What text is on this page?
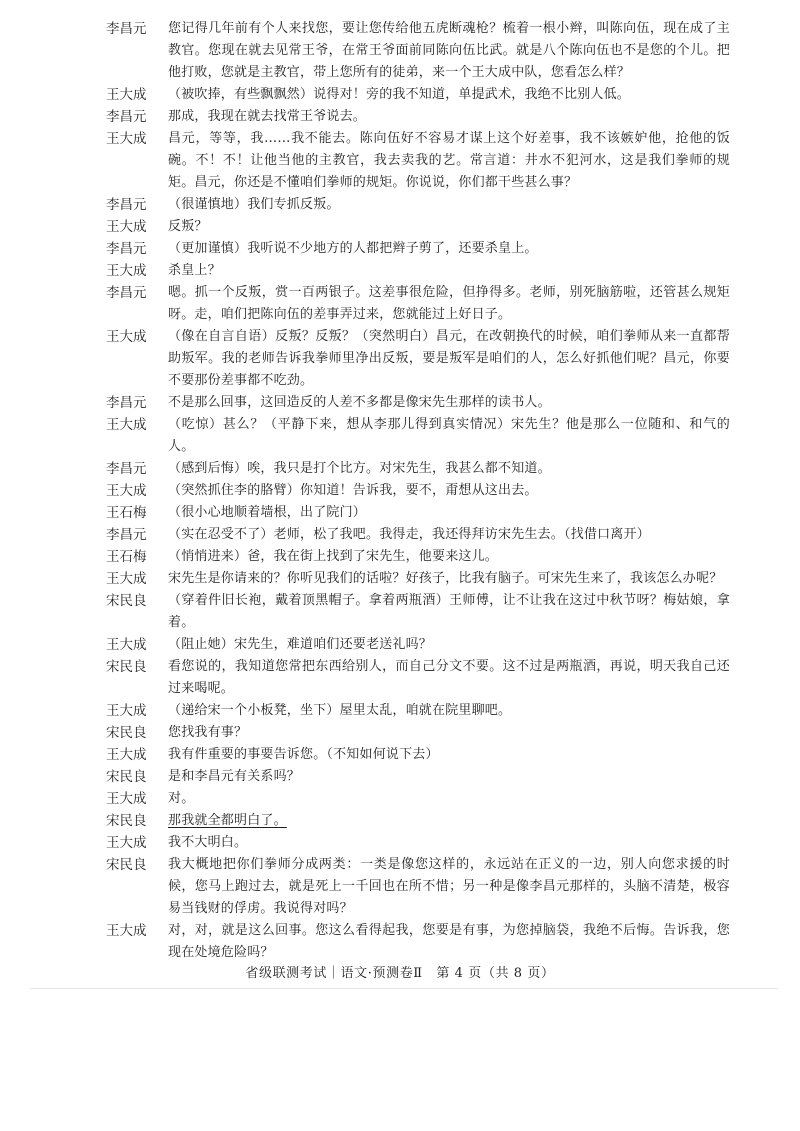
李昌元	您记得几年前有个人来找您，要让您传给他五虎断魂枪？梳着一根小辫，叫陈向伍，现在成了主教官。您现在就去见常王爷，在常王爷面前同陈向伍比武。就是八个陈向伍也不是您的个儿。把他打败，您就是主教官，带上您所有的徒弟，来一个王大成中队，您看怎么样？
王大成	（被吹捧，有些飘飘然）说得对！旁的我不知道，单提武术，我绝不比别人低。
李昌元	那成，我现在就去找常王爷说去。
王大成	昌元，等等，我……我不能去。陈向伍好不容易才谋上这个好差事，我不该嫉妒他，抢他的饭碗。不！不！让他当他的主教官，我去卖我的艺。常言道：井水不犯河水，这是我们拳师的规矩。昌元，你还是不懂咱们拳师的规矩。你说说，你们都干些甚么事？
李昌元	（很谨慎地）我们专抓反叛。
王大成	反叛？
李昌元	（更加谨慎）我听说不少地方的人都把辫子剪了，还要杀皇上。
王大成	杀皇上？
李昌元	嗯。抓一个反叛，赏一百两银子。这差事很危险，但挣得多。老师，别死脑筋啦，还管甚么规矩呀。走，咱们把陈向伍的差事弄过来，您就能过上好日子。
王大成	（像在自言自语）反叛？反叛？（突然明白）昌元，在改朝换代的时候，咱们拳师从来一直都帮助叛军。我的老师告诉我拳师里净出反叛，要是叛军是咱们的人，怎么好抓他们呢？昌元，你要不要那份差事都不吃劲。
李昌元	不是那么回事，这回造反的人差不多都是像宋先生那样的读书人。
王大成	（吃惊）甚么？（平静下来，想从李那儿得到真实情况）宋先生？他是那么一位随和、和气的人。
李昌元	（感到后悔）唉，我只是打个比方。对宋先生，我甚么都不知道。
王大成	（突然抓住李的胳臂）你知道！告诉我，要不，甭想从这出去。
王石梅	（很小心地顺着墙根，出了院门）
李昌元	（实在忍受不了）老师，松了我吧。我得走，我还得拜访宋先生去。（找借口离开）
王石梅	（悄悄进来）爸，我在街上找到了宋先生，他要来这儿。
王大成	宋先生是你请来的？你听见我们的话啦？好孩子，比我有脑子。可宋先生来了，我该怎么办呢？
宋民良	（穿着件旧长袍，戴着顶黑帽子。拿着两瓶酒）王师傅，让不让我在这过中秋节呀？梅姑娘，拿着。
王大成	（阻止她）宋先生，难道咱们还要老送礼吗？
宋民良	看您说的，我知道您常把东西给别人，而自己分文不要。这不过是两瓶酒，再说，明天我自己还过来喝呢。
王大成	（递给宋一个小板凳，坐下）屋里太乱，咱就在院里聊吧。
宋民良	您找我有事？
王大成	我有件重要的事要告诉您。（不知如何说下去）
宋民良	是和李昌元有关系吗？
王大成	对。
宋民良	那我就全都明白了。
王大成	我不大明白。
宋民良	我大概地把你们拳师分成两类：一类是像您这样的，永远站在正义的一边，别人向您求援的时候，您马上跑过去，就是死上一千回也在所不惜；另一种是像李昌元那样的，头脑不清楚，极容易当钱财的俘虏。我说得对吗？
王大成	对，对，就是这么回事。您这么看得起我，您要是有事，为您掉脑袋，我绝不后悔。告诉我，您现在处境危险吗？
省级联测考试｜语文·预测卷Ⅱ　第 4 页（共 8 页）
